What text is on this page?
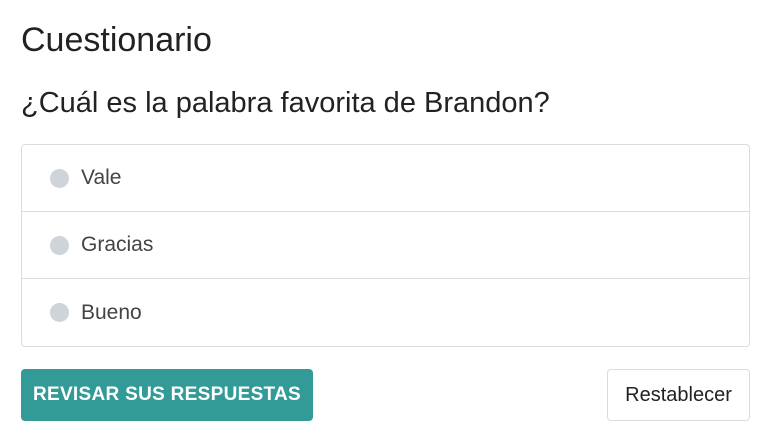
Cuestionario
¿Cuál es la palabra favorita de Brandon?
Vale
Gracias
Bueno
REVISAR SUS RESPUESTAS	Restablecer
